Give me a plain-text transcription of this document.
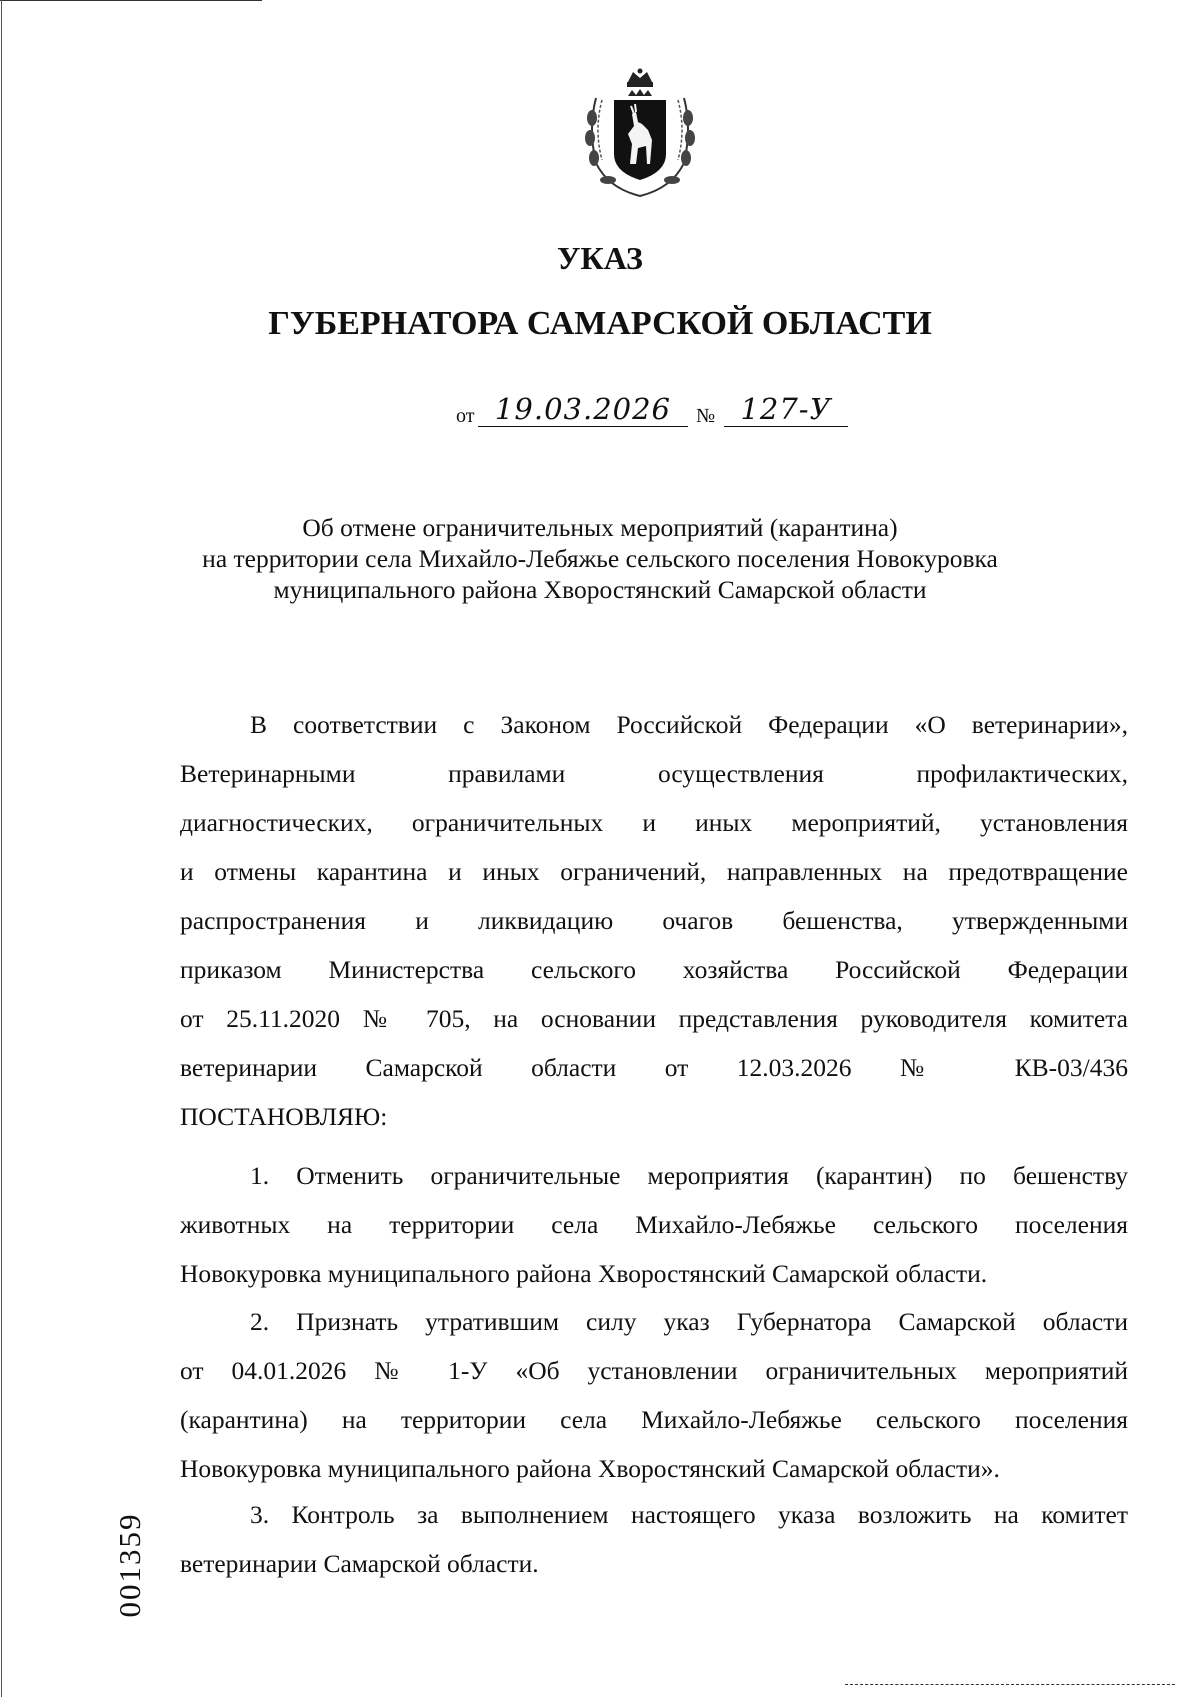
УКАЗ
ГУБЕРНАТОРА САМАРСКОЙ ОБЛАСТИ
от 19.03.2026	№ 127-У
Об отмене ограничительных мероприятий (карантина)
на территории села Михайло-Лебяжье сельского поселения Новокуровка
муниципального района Хворостянский Самарской области
В соответствии с Законом Российской Федерации «О ветеринарии»,
Ветеринарными правилами осуществления профилактических,
диагностических, ограничительных и иных мероприятий, установления
и отмены карантина и иных ограничений, направленных на предотвращение
распространения и ликвидацию очагов бешенства, утвержденными
приказом Министерства сельского хозяйства Российской Федерации
от 25.11.2020 № 705, на основании представления руководителя комитета
ветеринарии Самарской области от 12.03.2026 № КВ-03/436
ПОСТАНОВЛЯЮ:
1. Отменить ограничительные мероприятия (карантин) по бешенству
животных на территории села Михайло-Лебяжье сельского поселения
Новокуровка муниципального района Хворостянский Самарской области.
2. Признать утратившим силу указ Губернатора Самарской области
от 04.01.2026 № 1-У «Об установлении ограничительных мероприятий
(карантина) на территории села Михайло-Лебяжье сельского поселения
Новокуровка муниципального района Хворостянский Самарской области».
3. Контроль за выполнением настоящего указа возложить на комитет
ветеринарии Самарской области.
001359
